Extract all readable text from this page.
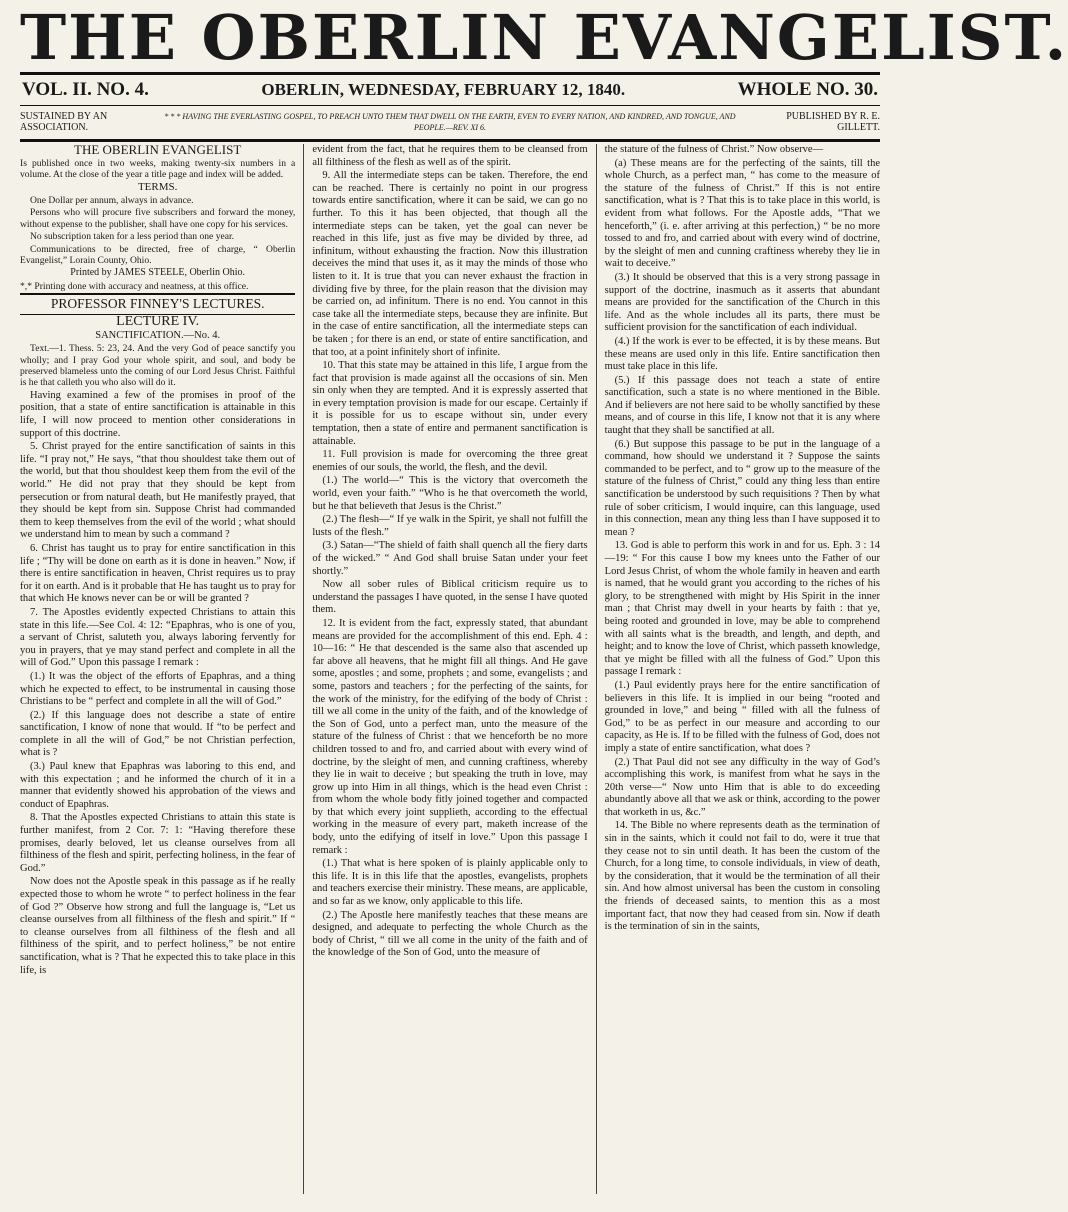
THE OBERLIN EVANGELIST.
VOL. II. NO. 4.	OBERLIN, WEDNESDAY, FEBRUARY 12, 1840.	WHOLE NO. 30.
SUSTAINED BY AN ASSOCIATION.
* * * HAVING THE EVERLASTING GOSPEL, TO PREACH UNTO THEM THAT DWELL ON THE EARTH, EVEN TO EVERY NATION, AND KINDRED, AND TONGUE, AND PEOPLE.—REV. XI 6.
PUBLISHED BY R. E. GILLETT.

THE OBERLIN EVANGELIST

Is published once in two weeks, making twenty-six numbers in a volume. At the close of the year a title page and index will be added.

TERMS.

One Dollar per annum, always in advance.

Persons who will procure five subscribers and forward the money, without expense to the publisher, shall have one copy for his services.

No subscription taken for a less period than one year.

Communications to be directed, free of charge, “ Oberlin Evangelist,” Lorain County, Ohio.

Printed by JAMES STEELE, Oberlin Ohio.

*,* Printing done with accuracy and neatness, at this office.

PROFESSOR FINNEY'S LECTURES.

LECTURE IV.

SANCTIFICATION.—No. 4.

Text.—1. Thess. 5: 23, 24. And the very God of peace sanctify you wholly; and I pray God your whole spirit, and soul, and body be preserved blameless unto the coming of our Lord Jesus Christ. Faithful is he that calleth you who also will do it.

Having examined a few of the promises in proof of the position, that a state of entire sanctification is attainable in this life, I will now proceed to mention other considerations in support of this doctrine.

5. Christ prayed for the entire sanctification of saints in this life. “I pray not,” He says, “that thou shouldest take them out of the world, but that thou shouldest keep them from the evil of the world.” He did not pray that they should be kept from persecution or from natural death, but He manifestly prayed, that they should be kept from sin. Suppose Christ had commanded them to keep themselves from the evil of the world ; what should we understand him to mean by such a command ?

6. Christ has taught us to pray for entire sanctification in this life ; “Thy will be done on earth as it is done in heaven.” Now, if there is entire sanctification in heaven, Christ requires us to pray for it on earth. And is it probable that He has taught us to pray for that which He knows never can be or will be granted ?

7. The Apostles evidently expected Christians to attain this state in this life.—See Col. 4: 12: “Epaphras, who is one of you, a servant of Christ, saluteth you, always laboring fervently for you in prayers, that ye may stand perfect and complete in all the will of God.” Upon this passage I remark :

(1.) It was the object of the efforts of Epaphras, and a thing which he expected to effect, to be instrumental in causing those Christians to be “ perfect and complete in all the will of God.”

(2.) If this language does not describe a state of entire sanctification, I know of none that would. If “to be perfect and complete in all the will of God,” be not Christian perfection, what is ?

(3.) Paul knew that Epaphras was laboring to this end, and with this expectation ; and he informed the church of it in a manner that evidently showed his approbation of the views and conduct of Epaphras.

8. That the Apostles expected Christians to attain this state is further manifest, from 2 Cor. 7: 1: “Having therefore these promises, dearly beloved, let us cleanse ourselves from all filthiness of the flesh and spirit, perfecting holiness, in the fear of God.”

Now does not the Apostle speak in this passage as if he really expected those to whom he wrote “ to perfect holiness in the fear of God ?” Observe how strong and full the language is, “Let us cleanse ourselves from all filthiness of the flesh and spirit.” If “ to cleanse ourselves from all filthiness of the flesh and all filthiness of the spirit, and to perfect holiness,” be not entire sanctification, what is ? That he expected this to take place in this life, is

evident from the fact, that he requires them to be cleansed from all filthiness of the flesh as well as of the spirit.

9. All the intermediate steps can be taken. Therefore, the end can be reached. There is certainly no point in our progress towards entire sanctification, where it can be said, we can go no further. To this it has been objected, that though all the intermediate steps can be taken, yet the goal can never be reached in this life, just as five may be divided by three, ad infinitum, without exhausting the fraction. Now this illustration deceives the mind that uses it, as it may the minds of those who listen to it. It is true that you can never exhaust the fraction in dividing five by three, for the plain reason that the division may be carried on, ad infinitum. There is no end. You cannot in this case take all the intermediate steps, because they are infinite. But in the case of entire sanctification, all the intermediate steps can be taken ; for there is an end, or state of entire sanctification, and that too, at a point infinitely short of infinite.

10. That this state may be attained in this life, I argue from the fact that provision is made against all the occasions of sin. Men sin only when they are tempted. And it is expressly asserted that in every temptation provision is made for our escape. Certainly if it is possible for us to escape without sin, under every temptation, then a state of entire and permanent sanctification is attainable.

11. Full provision is made for overcoming the three great enemies of our souls, the world, the flesh, and the devil.

(1.) The world—“ This is the victory that overcometh the world, even your faith.” “Who is he that overcometh the world, but he that believeth that Jesus is the Christ.”

(2.) The flesh—“ If ye walk in the Spirit, ye shall not fulfill the lusts of the flesh.”

(3.) Satan—“The shield of faith shall quench all the fiery darts of the wicked.” “ And God shall bruise Satan under your feet shortly.”

Now all sober rules of Biblical criticism require us to understand the passages I have quoted, in the sense I have quoted them.

12. It is evident from the fact, expressly stated, that abundant means are provided for the accomplishment of this end. Eph. 4 : 10—16: “ He that descended is the same also that ascended up far above all heavens, that he might fill all things. And He gave some, apostles ; and some, prophets ; and some, evangelists ; and some, pastors and teachers ; for the perfecting of the saints, for the work of the ministry, for the edifying of the body of Christ : till we all come in the unity of the faith, and of the knowledge of the Son of God, unto a perfect man, unto the measure of the stature of the fulness of Christ : that we henceforth be no more children tossed to and fro, and carried about with every wind of doctrine, by the sleight of men, and cunning craftiness, whereby they lie in wait to deceive ; but speaking the truth in love, may grow up into Him in all things, which is the head even Christ : from whom the whole body fitly joined together and compacted by that which every joint supplieth, according to the effectual working in the measure of every part, maketh increase of the body, unto the edifying of itself in love.” Upon this passage I remark :

(1.) That what is here spoken of is plainly applicable only to this life. It is in this life that the apostles, evangelists, prophets and teachers exercise their ministry. These means, are applicable, and so far as we know, only applicable to this life.

(2.) The Apostle here manifestly teaches that these means are designed, and adequate to perfecting the whole Church as the body of Christ, “ till we all come in the unity of the faith and of the knowledge of the Son of God, unto the measure of

the stature of the fulness of Christ.” Now observe—

(a) These means are for the perfecting of the saints, till the whole Church, as a perfect man, “ has come to the measure of the stature of the fulness of Christ.” If this is not entire sanctification, what is ? That this is to take place in this world, is evident from what follows. For the Apostle adds, “That we henceforth,” (i. e. after arriving at this perfection,) “ be no more tossed to and fro, and carried about with every wind of doctrine, by the sleight of men and cunning craftiness whereby they lie in wait to deceive.”

(3.) It should be observed that this is a very strong passage in support of the doctrine, inasmuch as it asserts that abundant means are provided for the sanctification of the Church in this life. And as the whole includes all its parts, there must be sufficient provision for the sanctification of each individual.

(4.) If the work is ever to be effected, it is by these means. But these means are used only in this life. Entire sanctification then must take place in this life.

(5.) If this passage does not teach a state of entire sanctification, such a state is no where mentioned in the Bible. And if believers are not here said to be wholly sanctified by these means, and of course in this life, I know not that it is any where taught that they shall be sanctified at all.

(6.) But suppose this passage to be put in the language of a command, how should we understand it ? Suppose the saints commanded to be perfect, and to “ grow up to the measure of the stature of the fulness of Christ,” could any thing less than entire sanctification be understood by such requisitions ? Then by what rule of sober criticism, I would inquire, can this language, used in this connection, mean any thing less than I have supposed it to mean ?

13. God is able to perform this work in and for us. Eph. 3 : 14—19: “ For this cause I bow my knees unto the Father of our Lord Jesus Christ, of whom the whole family in heaven and earth is named, that he would grant you according to the riches of his glory, to be strengthened with might by His Spirit in the inner man ; that Christ may dwell in your hearts by faith : that ye, being rooted and grounded in love, may be able to comprehend with all saints what is the breadth, and length, and depth, and height; and to know the love of Christ, which passeth knowledge, that ye might be filled with all the fulness of God.” Upon this passage I remark :

(1.) Paul evidently prays here for the entire sanctification of believers in this life. It is implied in our being “rooted and grounded in love,” and being “ filled with all the fulness of God,” to be as perfect in our measure and according to our capacity, as He is. If to be filled with the fulness of God, does not imply a state of entire sanctification, what does ?

(2.) That Paul did not see any difficulty in the way of God’s accomplishing this work, is manifest from what he says in the 20th verse—“ Now unto Him that is able to do exceeding abundantly above all that we ask or think, according to the power that worketh in us, &c.”

14. The Bible no where represents death as the termination of sin in the saints, which it could not fail to do, were it true that they cease not to sin until death. It has been the custom of the Church, for a long time, to console individuals, in view of death, by the consideration, that it would be the termination of all their sin. And how almost universal has been the custom in consoling the friends of deceased saints, to mention this as a most important fact, that now they had ceased from sin. Now if death is the termination of sin in the saints,
